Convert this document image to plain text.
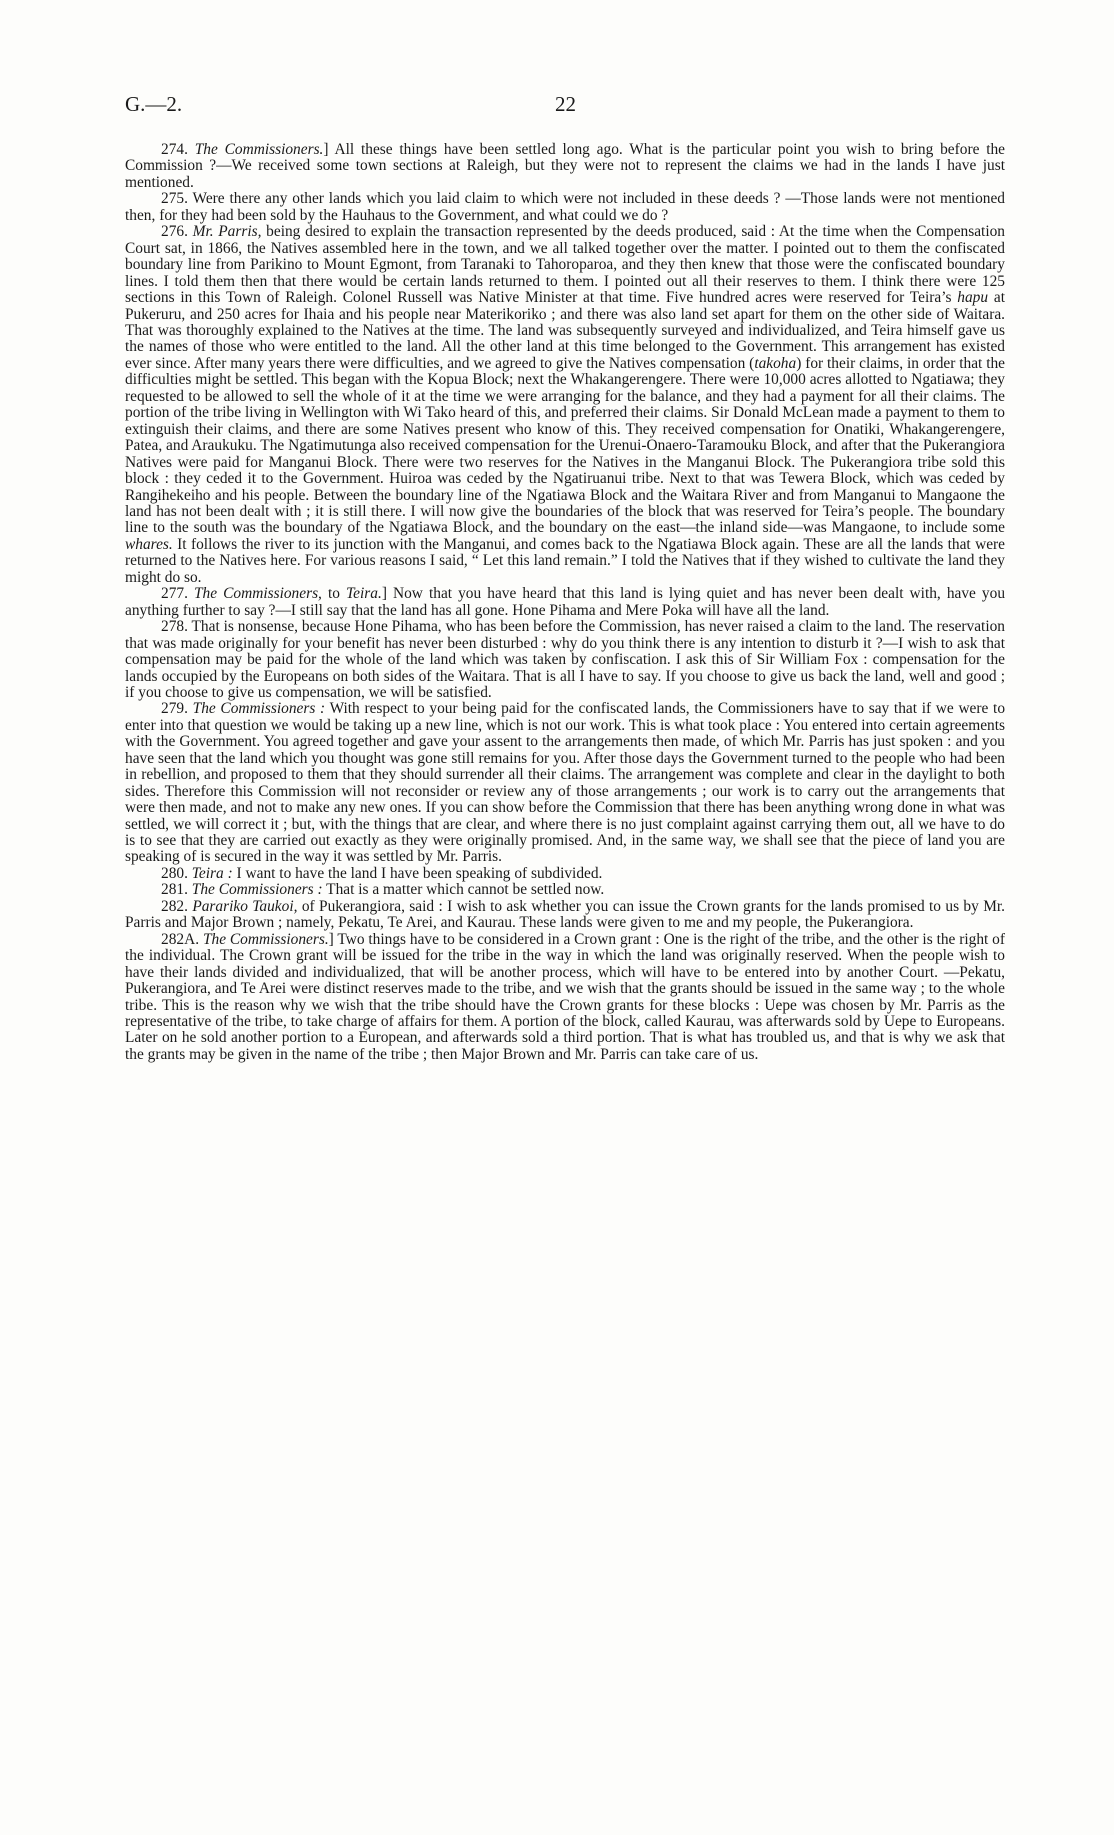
G.—2.	22

274. The Commissioners.] All these things have been settled long ago. What is the particular point you wish to bring before the Commission ?—We received some town sections at Raleigh, but they were not to represent the claims we had in the lands I have just mentioned.

275. Were there any other lands which you laid claim to which were not included in these deeds ? —Those lands were not mentioned then, for they had been sold by the Hauhaus to the Government, and what could we do ?

276. Mr. Parris, being desired to explain the transaction represented by the deeds produced, said : At the time when the Compensation Court sat, in 1866, the Natives assembled here in the town, and we all talked together over the matter. I pointed out to them the confiscated boundary line from Parikino to Mount Egmont, from Taranaki to Tahoroparoa, and they then knew that those were the confiscated boundary lines. I told them then that there would be certain lands returned to them. I pointed out all their reserves to them. I think there were 125 sections in this Town of Raleigh. Colonel Russell was Native Minister at that time. Five hundred acres were reserved for Teira’s hapu at Pukeruru, and 250 acres for Ihaia and his people near Materikoriko ; and there was also land set apart for them on the other side of Waitara. That was thoroughly explained to the Natives at the time. The land was subsequently surveyed and individualized, and Teira himself gave us the names of those who were entitled to the land. All the other land at this time belonged to the Government. This arrangement has existed ever since. After many years there were difficulties, and we agreed to give the Natives compensation (takoha) for their claims, in order that the difficulties might be settled. This began with the Kopua Block; next the Whakangerengere. There were 10,000 acres allotted to Ngatiawa; they requested to be allowed to sell the whole of it at the time we were arranging for the balance, and they had a payment for all their claims. The portion of the tribe living in Wellington with Wi Tako heard of this, and preferred their claims. Sir Donald McLean made a payment to them to extinguish their claims, and there are some Natives present who know of this. They received compensation for Onatiki, Whakangerengere, Patea, and Araukuku. The Ngatimutunga also received compensation for the Urenui-Onaero-Taramouku Block, and after that the Pukerangiora Natives were paid for Manganui Block. There were two reserves for the Natives in the Manganui Block. The Pukerangiora tribe sold this block : they ceded it to the Government. Huiroa was ceded by the Ngatiruanui tribe. Next to that was Tewera Block, which was ceded by Rangihekeiho and his people. Between the boundary line of the Ngatiawa Block and the Waitara River and from Manganui to Mangaone the land has not been dealt with ; it is still there. I will now give the boundaries of the block that was reserved for Teira’s people. The boundary line to the south was the boundary of the Ngatiawa Block, and the boundary on the east—the inland side—was Mangaone, to include some whares. It follows the river to its junction with the Manganui, and comes back to the Ngatiawa Block again. These are all the lands that were returned to the Natives here. For various reasons I said, “ Let this land remain.” I told the Natives that if they wished to cultivate the land they might do so.

277. The Commissioners, to Teira.] Now that you have heard that this land is lying quiet and has never been dealt with, have you anything further to say ?—I still say that the land has all gone. Hone Pihama and Mere Poka will have all the land.

278. That is nonsense, because Hone Pihama, who has been before the Commission, has never raised a claim to the land. The reservation that was made originally for your benefit has never been disturbed : why do you think there is any intention to disturb it ?—I wish to ask that compensation may be paid for the whole of the land which was taken by confiscation. I ask this of Sir William Fox : compensation for the lands occupied by the Europeans on both sides of the Waitara. That is all I have to say. If you choose to give us back the land, well and good ; if you choose to give us compensation, we will be satisfied.

279. The Commissioners : With respect to your being paid for the confiscated lands, the Commissioners have to say that if we were to enter into that question we would be taking up a new line, which is not our work. This is what took place : You entered into certain agreements with the Government. You agreed together and gave your assent to the arrangements then made, of which Mr. Parris has just spoken : and you have seen that the land which you thought was gone still remains for you. After those days the Government turned to the people who had been in rebellion, and proposed to them that they should surrender all their claims. The arrangement was complete and clear in the daylight to both sides. Therefore this Commission will not reconsider or review any of those arrangements ; our work is to carry out the arrangements that were then made, and not to make any new ones. If you can show before the Commission that there has been anything wrong done in what was settled, we will correct it ; but, with the things that are clear, and where there is no just complaint against carrying them out, all we have to do is to see that they are carried out exactly as they were originally promised. And, in the same way, we shall see that the piece of land you are speaking of is secured in the way it was settled by Mr. Parris.

280. Teira : I want to have the land I have been speaking of subdivided.

281. The Commissioners : That is a matter which cannot be settled now.

282. Parariko Taukoi, of Pukerangiora, said : I wish to ask whether you can issue the Crown grants for the lands promised to us by Mr. Parris and Major Brown ; namely, Pekatu, Te Arei, and Kaurau. These lands were given to me and my people, the Pukerangiora.

282A. The Commissioners.] Two things have to be considered in a Crown grant : One is the right of the tribe, and the other is the right of the individual. The Crown grant will be issued for the tribe in the way in which the land was originally reserved. When the people wish to have their lands divided and individualized, that will be another process, which will have to be entered into by another Court. —Pekatu, Pukerangiora, and Te Arei were distinct reserves made to the tribe, and we wish that the grants should be issued in the same way ; to the whole tribe. This is the reason why we wish that the tribe should have the Crown grants for these blocks : Uepe was chosen by Mr. Parris as the representative of the tribe, to take charge of affairs for them. A portion of the block, called Kaurau, was afterwards sold by Uepe to Europeans. Later on he sold another portion to a European, and afterwards sold a third portion. That is what has troubled us, and that is why we ask that the grants may be given in the name of the tribe ; then Major Brown and Mr. Parris can take care of us.
